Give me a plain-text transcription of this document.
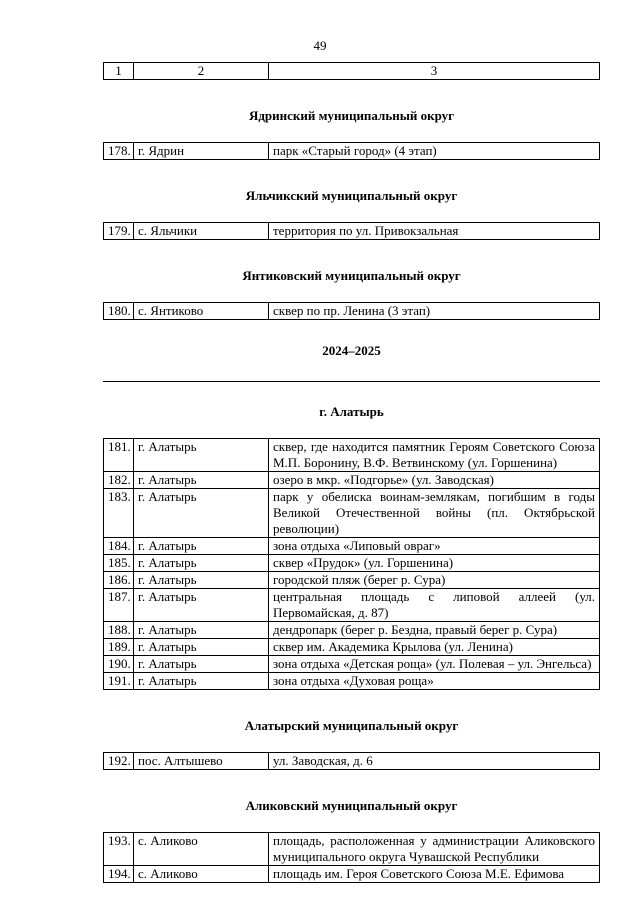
49
1	2	3
Ядринский муниципальный округ
178.	г. Ядрин	парк «Старый город» (4 этап)
Яльчикский муниципальный округ
179.	с. Яльчики	территория по ул. Привокзальная
Янтиковский муниципальный округ
180.	с. Янтиково	сквер по пр. Ленина (3 этап)
2024–2025
г. Алатырь
181.	г. Алатырь	сквер, где находится памятник Героям Советского Союза М.П. Боронину, В.Ф. Ветвинскому (ул. Горшенина)
182.	г. Алатырь	озеро в мкр. «Подгорье» (ул. Заводская)
183.	г. Алатырь	парк у обелиска воинам-землякам, погибшим в годы Великой Отечественной войны (пл. Октябрьской революции)
184.	г. Алатырь	зона отдыха «Липовый овраг»
185.	г. Алатырь	сквер «Прудок» (ул. Горшенина)
186.	г. Алатырь	городской пляж (берег р. Сура)
187.	г. Алатырь	центральная площадь с липовой аллеей (ул. Первомайская, д. 87)
188.	г. Алатырь	дендропарк (берег р. Безднa, правый берег р. Сура)
189.	г. Алатырь	сквер им. Академика Крылова (ул. Ленина)
190.	г. Алатырь	зона отдыха «Детская роща» (ул. Полевая – ул. Энгельса)
191.	г. Алатырь	зона отдыха «Духовая роща»
Алатырский муниципальный округ
192.	пос. Алтышево	ул. Заводская, д. 6
Аликовский муниципальный округ
193.	с. Аликово	площадь, расположенная у администрации Аликовского муниципального округа Чувашской Республики
194.	с. Аликово	площадь им. Героя Советского Союза М.Е. Ефимова
